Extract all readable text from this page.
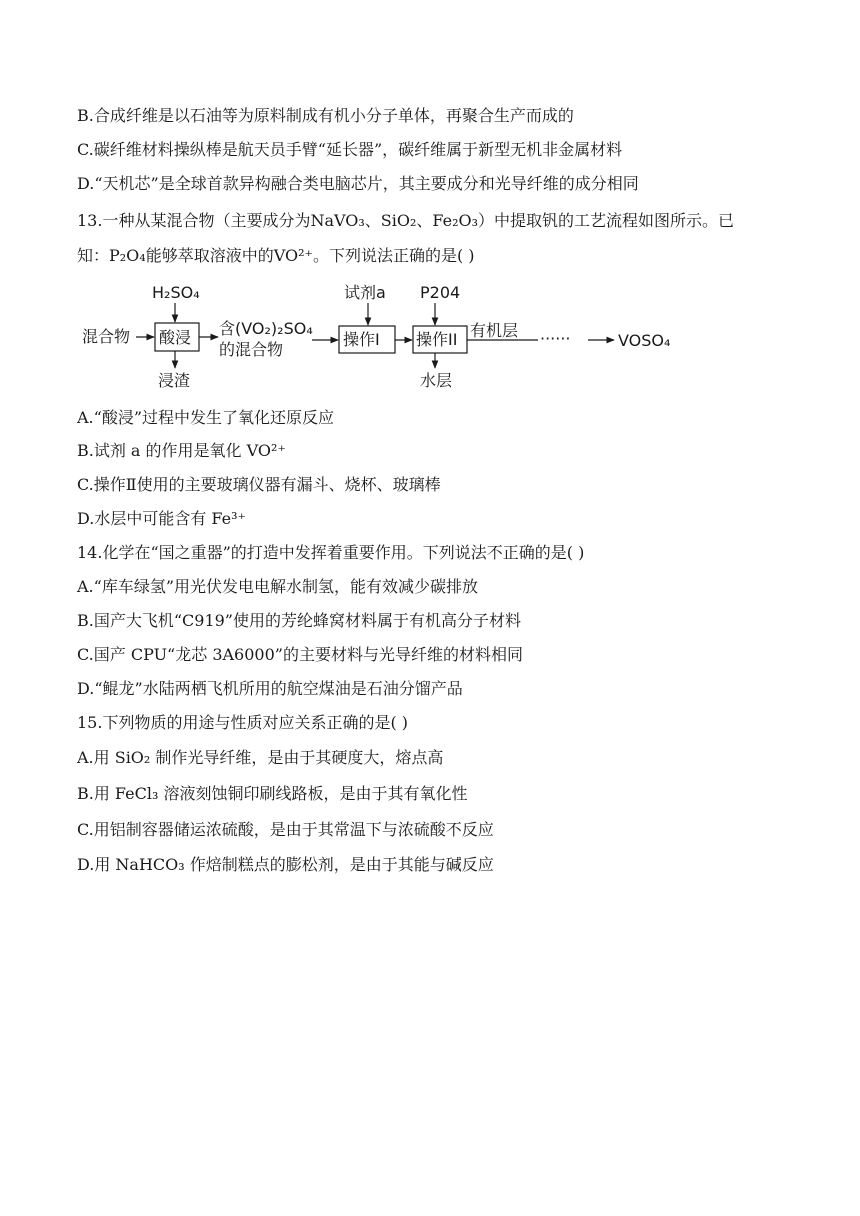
B.合成纤维是以石油等为原料制成有机小分子单体，再聚合生产而成的
C.碳纤维材料操纵棒是航天员手臂“延长器”，碳纤维属于新型无机非金属材料
D.“天机芯”是全球首款异构融合类电脑芯片，其主要成分和光导纤维的成分相同
13.一种从某混合物（主要成分为NaVO₃、SiO₂、Fe₂O₃）中提取钒的工艺流程如图所示。已
知：P₂O₄能够萃取溶液中的VO²⁺。下列说法正确的是( )
混合物
H₂SO₄
酸浸
浸渣
含(VO₂)₂SO₄
的混合物
试剂a
操作I
P204
操作II
水层
有机层 ······	VOSO₄
A.“酸浸”过程中发生了氧化还原反应
B.试剂 a 的作用是氧化 VO²⁺
C.操作Ⅱ使用的主要玻璃仪器有漏斗、烧杯、玻璃棒
D.水层中可能含有 Fe³⁺
14.化学在“国之重器”的打造中发挥着重要作用。下列说法不正确的是( )
A.“库车绿氢”用光伏发电电解水制氢，能有效减少碳排放
B.国产大飞机“C919”使用的芳纶蜂窝材料属于有机高分子材料
C.国产 CPU“龙芯 3A6000”的主要材料与光导纤维的材料相同
D.“鲲龙”水陆两栖飞机所用的航空煤油是石油分馏产品
15.下列物质的用途与性质对应关系正确的是( )
A.用 SiO₂ 制作光导纤维，是由于其硬度大，熔点高
B.用 FeCl₃ 溶液刻蚀铜印刷线路板，是由于其有氧化性
C.用铝制容器储运浓硫酸，是由于其常温下与浓硫酸不反应
D.用 NaHCO₃ 作焙制糕点的膨松剂，是由于其能与碱反应
